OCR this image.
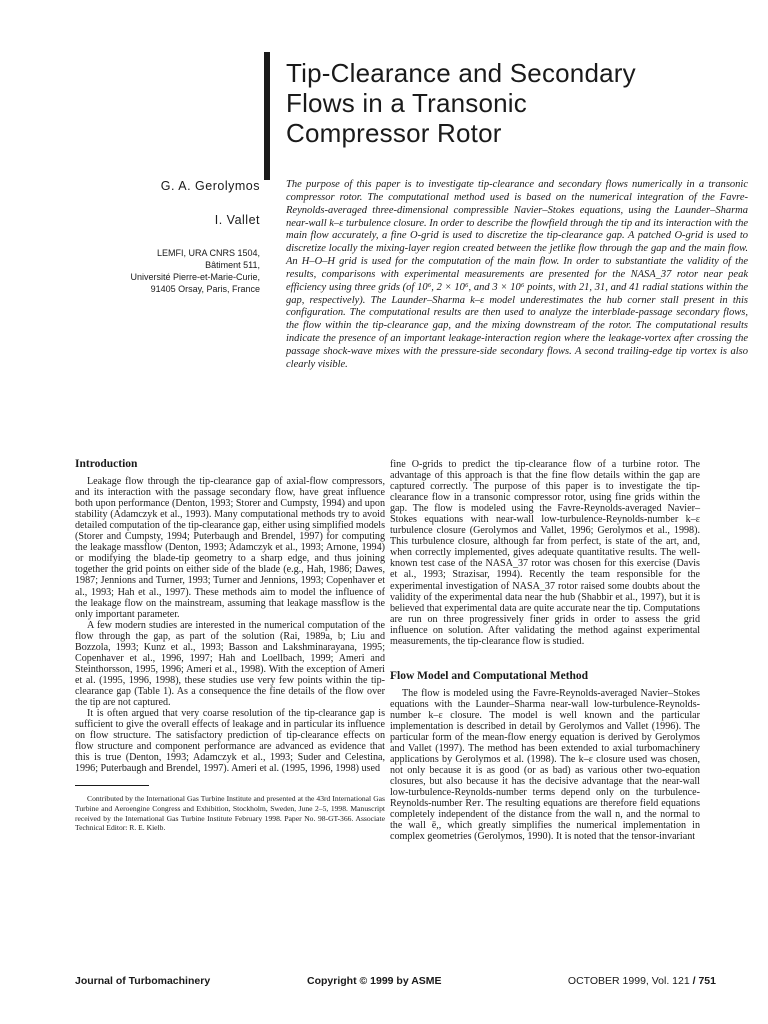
Tip-Clearance and Secondary
Flows in a Transonic
Compressor Rotor
G. A. Gerolymos
I. Vallet
LEMFI, URA CNRS 1504,
Bâtiment 511,
Université Pierre-et-Marie-Curie,
91405 Orsay, Paris, France

The purpose of this paper is to investigate tip-clearance and secondary flows numerically in a transonic compressor rotor. The computational method used is based on the numerical integration of the Favre-Reynolds-averaged three-dimensional compressible Navier–Stokes equations, using the Launder–Sharma near-wall k–ε turbulence closure. In order to describe the flowfield through the tip and its interaction with the main flow accurately, a fine O-grid is used to discretize the tip-clearance gap. A patched O-grid is used to discretize locally the mixing-layer region created between the jetlike flow through the gap and the main flow. An H–O–H grid is used for the computation of the main flow. In order to substantiate the validity of the results, comparisons with experimental measurements are presented for the NASA_37 rotor near peak efficiency using three grids (of 10⁶, 2 × 10⁶, and 3 × 10⁶ points, with 21, 31, and 41 radial stations within the gap, respectively). The Launder–Sharma k–ε model underestimates the hub corner stall present in this configuration. The computational results are then used to analyze the interblade-passage secondary flows, the flow within the tip-clearance gap, and the mixing downstream of the rotor. The computational results indicate the presence of an important leakage-interaction region where the leakage-vortex after crossing the passage shock-wave mixes with the pressure-side secondary flows. A second trailing-edge tip vortex is also clearly visible.

Introduction

Leakage flow through the tip-clearance gap of axial-flow compressors, and its interaction with the passage secondary flow, have great influence both upon performance (Denton, 1993; Storer and Cumpsty, 1994) and upon stability (Adamczyk et al., 1993). Many computational methods try to avoid detailed computation of the tip-clearance gap, either using simplified models (Storer and Cumpsty, 1994; Puterbaugh and Brendel, 1997) for computing the leakage massflow (Denton, 1993; Adamczyk et al., 1993; Arnone, 1994) or modifying the blade-tip geometry to a sharp edge, and thus joining together the grid points on either side of the blade (e.g., Hah, 1986; Dawes, 1987; Jennions and Turner, 1993; Turner and Jennions, 1993; Copenhaver et al., 1993; Hah et al., 1997). These methods aim to model the influence of the leakage flow on the mainstream, assuming that leakage massflow is the only important parameter.

A few modern studies are interested in the numerical computation of the flow through the gap, as part of the solution (Rai, 1989a, b; Liu and Bozzola, 1993; Kunz et al., 1993; Basson and Lakshminarayana, 1995; Copenhaver et al., 1996, 1997; Hah and Loellbach, 1999; Ameri and Steinthorsson, 1995, 1996; Ameri et al., 1998). With the exception of Ameri et al. (1995, 1996, 1998), these studies use very few points within the tip-clearance gap (Table 1). As a consequence the fine details of the flow over the tip are not captured.

It is often argued that very coarse resolution of the tip-clearance gap is sufficient to give the overall effects of leakage and in particular its influence on flow structure. The satisfactory prediction of tip-clearance effects on flow structure and component performance are advanced as evidence that this is true (Denton, 1993; Adamczyk et al., 1993; Suder and Celestina, 1996; Puterbaugh and Brendel, 1997). Ameri et al. (1995, 1996, 1998) used

Contributed by the International Gas Turbine Institute and presented at the 43rd International Gas Turbine and Aeroengine Congress and Exhibition, Stockholm, Sweden, June 2–5, 1998. Manuscript received by the International Gas Turbine Institute February 1998. Paper No. 98-GT-366. Associate Technical Editor: R. E. Kielb.

fine O-grids to predict the tip-clearance flow of a turbine rotor. The advantage of this approach is that the fine flow details within the gap are captured correctly. The purpose of this paper is to investigate the tip-clearance flow in a transonic compressor rotor, using fine grids within the gap. The flow is modeled using the Favre-Reynolds-averaged Navier–Stokes equations with near-wall low-turbulence-Reynolds-number k–ε turbulence closure (Gerolymos and Vallet, 1996; Gerolymos et al., 1998). This turbulence closure, although far from perfect, is state of the art, and, when correctly implemented, gives adequate quantitative results. The well-known test case of the NASA_37 rotor was chosen for this exercise (Davis et al., 1993; Strazisar, 1994). Recently the team responsible for the experimental investigation of NASA_37 rotor raised some doubts about the validity of the experimental data near the hub (Shabbir et al., 1997), but it is believed that experimental data are quite accurate near the tip. Computations are run on three progressively finer grids in order to assess the grid influence on solution. After validating the method against experimental measurements, the tip-clearance flow is studied.

Flow Model and Computational Method

The flow is modeled using the Favre-Reynolds-averaged Navier–Stokes equations with the Launder–Sharma near-wall low-turbulence-Reynolds-number k–ε closure. The model is well known and the particular implementation is described in detail by Gerolymos and Vallet (1996). The particular form of the mean-flow energy equation is derived by Gerolymos and Vallet (1997). The method has been extended to axial turbomachinery applications by Gerolymos et al. (1998). The k–ε closure used was chosen, not only because it is as good (or as bad) as various other two-equation closures, but also because it has the decisive advantage that the near-wall low-turbulence-Reynolds-number terms depend only on the turbulence-Reynolds-number Reᴛ. The resulting equations are therefore field equations completely independent of the distance from the wall n, and the normal to the wall ē,, which greatly simplifies the numerical implementation in complex geometries (Gerolymos, 1990). It is noted that the tensor-invariant

Journal of Turbomachinery	Copyright © 1999 by ASME	OCTOBER 1999, Vol. 121 / 751
